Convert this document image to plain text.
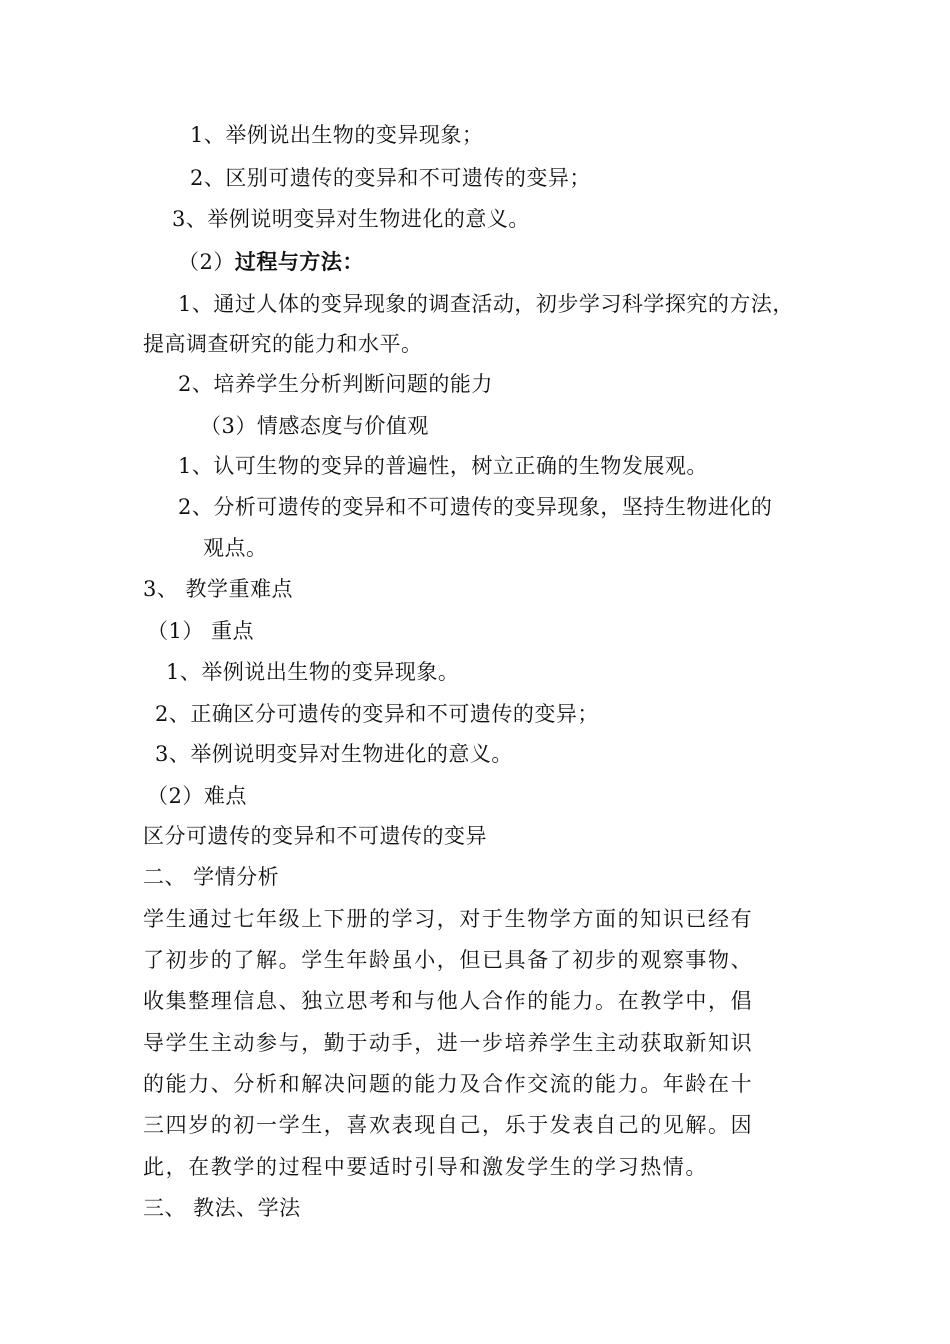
1、举例说出生物的变异现象；
2、区别可遗传的变异和不可遗传的变异；
3、举例说明变异对生物进化的意义。
（2）过程与方法：
1、通过人体的变异现象的调查活动，初步学习科学探究的方法，
提高调查研究的能力和水平。
2、培养学生分析判断问题的能力
（3）情感态度与价值观
1、认可生物的变异的普遍性，树立正确的生物发展观。
2、分析可遗传的变异和不可遗传的变异现象，坚持生物进化的
观点。
3、 教学重难点
（1） 重点
1、举例说出生物的变异现象。
2、正确区分可遗传的变异和不可遗传的变异；
3、举例说明变异对生物进化的意义。
（2）难点
区分可遗传的变异和不可遗传的变异
二、 学情分析
学生通过七年级上下册的学习，对于生物学方面的知识已经有
了初步的了解。学生年龄虽小，但已具备了初步的观察事物、
收集整理信息、独立思考和与他人合作的能力。在教学中，倡
导学生主动参与，勤于动手，进一步培养学生主动获取新知识
的能力、分析和解决问题的能力及合作交流的能力。年龄在十
三四岁的初一学生，喜欢表现自己，乐于发表自己的见解。因
此，在教学的过程中要适时引导和激发学生的学习热情。
三、 教法、学法
